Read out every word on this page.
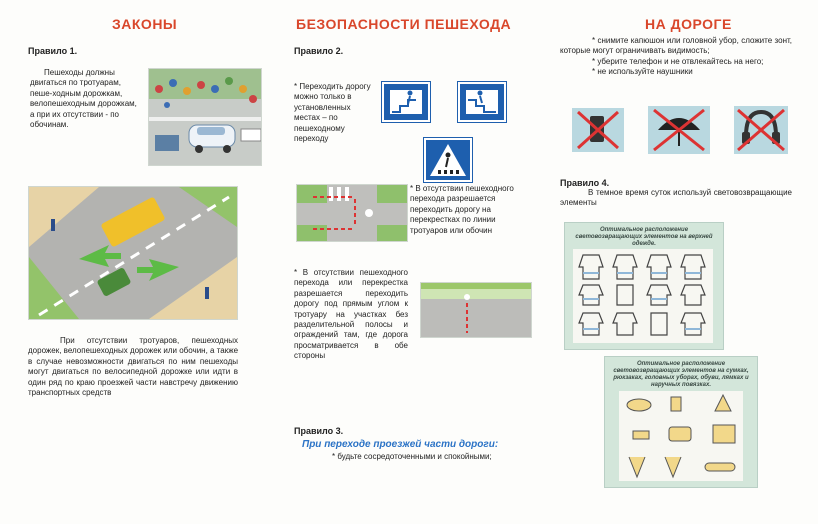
ЗАКОНЫ	БЕЗОПАСНОСТИ ПЕШЕХОДА	НА ДОРОГЕ
Правило 1.
Пешеходы должны двигаться по тротуарам, пеше-ходным дорожкам, велопешеходным дорожкам, а при их отсутствии - по обочинам.
При отсутствии тротуаров, пешеходных дорожек, велопешеходных дорожек или обочин, а также в случае невозможности двигаться по ним пешеходы могут двигаться по велосипедной дорожке или идти в один ряд по краю проезжей части навстречу движению транспортных средств
Правило 2.
* Переходить дорогу можно только в установленных местах – по пешеходному переходу
* В отсутствии пешеходного перехода разрешается переходить дорогу на перекрестках по линии тротуаров или обочин
* В отсутствии пешеходного перехода или перекрестка разрешается переходить дорогу под прямым углом к тротуару на участках без разделительной полосы и ограждений там, где дорога просматривается в обе стороны
Правило 3.
При переходе проезжей части дороги:
* будьте сосредоточенными и спокойными;
* снимите капюшон или головной убор, сложите зонт, которые могут ограничивать видимость;
* уберите телефон и не отвлекайтесь на него;
* не используйте наушники
Правило 4.
В темное время суток используй световозвращающие элементы
Оптимальное расположение световозвращающих элементов на верхней одежде.
Оптимальное расположение световозвращающих элементов на сумках, рюкзаках, головных уборах, обуви, лямках и наручных повязках.
